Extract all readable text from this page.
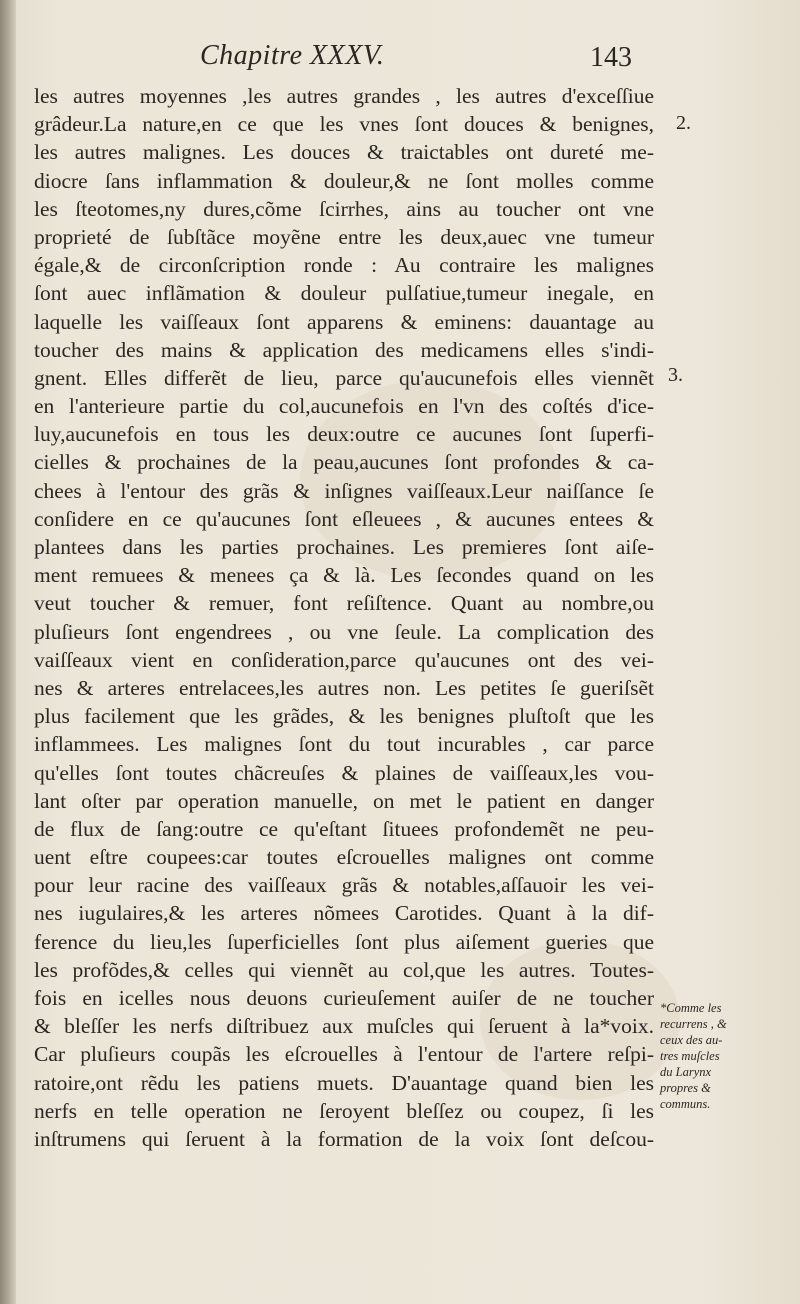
Chapitre XXXV.	143
les autres moyennes ,les autres grandes , les autres d'exceſſiue
grâdeur.La nature,en ce que les vnes ſont douces & benignes,
les autres malignes. Les douces & traictables ont dureté me-
diocre ſans inflammation & douleur,& ne ſont molles comme
les ſteotomes,ny dures,cõme ſcirrhes, ains au toucher ont vne
proprieté de ſubſtãce moyẽne entre les deux,auec vne tumeur
égale,& de circonſcription ronde : Au contraire les malignes
ſont auec inflãmation & douleur pulſatiue,tumeur inegale, en
laquelle les vaiſſeaux ſont apparens & eminens: dauantage au
toucher des mains & application des medicamens elles s'indi-
gnent. Elles differẽt de lieu, parce qu'aucunefois elles viennẽt
en l'anterieure partie du col,aucunefois en l'vn des coſtés d'ice-
luy,aucunefois en tous les deux:outre ce aucunes ſont ſuperfi-
cielles & prochaines de la peau,aucunes ſont profondes & ca-
chees à l'entour des grãs & inſignes vaiſſeaux.Leur naiſſance ſe
conſidere en ce qu'aucunes ſont eſleuees , & aucunes entees &
plantees dans les parties prochaines. Les premieres ſont aiſe-
ment remuees & menees ça & là. Les ſecondes quand on les
veut toucher & remuer, font reſiſtence. Quant au nombre,ou
pluſieurs ſont engendrees , ou vne ſeule. La complication des
vaiſſeaux vient en conſideration,parce qu'aucunes ont des vei-
nes & arteres entrelacees,les autres non. Les petites ſe gueriſsẽt
plus facilement que les grãdes, & les benignes pluſtoſt que les
inflammees. Les malignes ſont du tout incurables , car parce
qu'elles ſont toutes chãcreuſes & plaines de vaiſſeaux,les vou-
lant oſter par operation manuelle, on met le patient en danger
de flux de ſang:outre ce qu'eſtant ſituees profondemẽt ne peu-
uent eſtre coupees:car toutes eſcrouelles malignes ont comme
pour leur racine des vaiſſeaux grãs & notables,aſſauoir les vei-
nes iugulaires,& les arteres nõmees Carotides. Quant à la dif-
ference du lieu,les ſuperficielles ſont plus aiſement gueries que
les profõdes,& celles qui viennẽt au col,que les autres. Toutes-
fois en icelles nous deuons curieuſement auiſer de ne toucher
& bleſſer les nerfs diſtribuez aux muſcles qui ſeruent à la*voix.
Car pluſieurs coupãs les eſcrouelles à l'entour de l'artere reſpi-
ratoire,ont rẽdu les patiens muets. D'auantage quand bien les
nerfs en telle operation ne ſeroyent bleſſez ou coupez, ſi les
inſtrumens qui ſeruent à la formation de la voix ſont deſcou-
2.
3.
*Comme les
recurrens , &
ceux des au-
tres muſcles
du Larynx
propres &
communs.
